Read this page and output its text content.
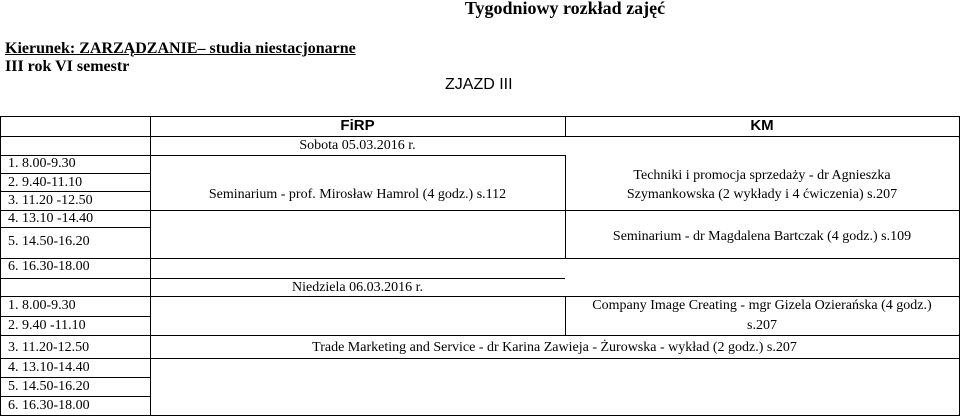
Tygodniowy rozkład zajęć
Kierunek: ZARZĄDZANIE– studia niestacjonarne
III rok VI semestr
ZJAZD III
FiRP	KM
Sobota 05.03.2016 r.
1. 8.00-9.30
2. 9.40-11.10
3. 11.20 -12.50
4. 13.10 -14.40
5. 14.50-16.20
6. 16.30-18.00
Seminarium - prof. Mirosław Hamrol (4 godz.) s.112
Techniki i promocja sprzedaży - dr Agnieszka
Szymankowska (2 wykłady i 4 ćwiczenia) s.207
Seminarium - dr Magdalena Bartczak (4 godz.) s.109
Niedziela 06.03.2016 r.
1. 8.00-9.30
2. 9.40 -11.10
3. 11.20-12.50
4. 13.10-14.40
5. 14.50-16.20
6. 16.30-18.00
Company Image Creating - mgr Gizela Ozierańska (4 godz.)
s.207
Trade Marketing and Service - dr Karina Zawieja - Żurowska - wykład (2 godz.) s.207
